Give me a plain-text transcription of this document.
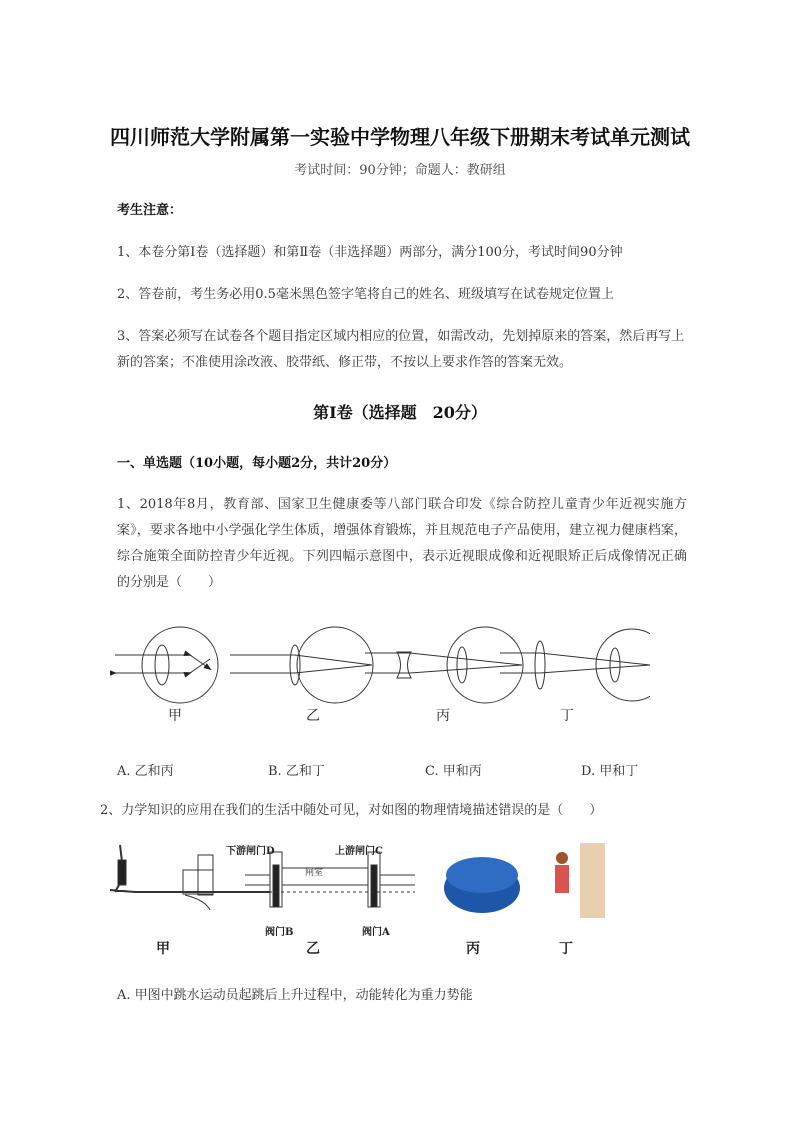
四川师范大学附属第一实验中学物理八年级下册期末考试单元测试
考试时间：90分钟；命题人：教研组
考生注意：
1、本卷分第I卷（选择题）和第Ⅱ卷（非选择题）两部分，满分100分，考试时间90分钟
2、答卷前，考生务必用0.5毫米黑色签字笔将自己的姓名、班级填写在试卷规定位置上
3、答案必须写在试卷各个题目指定区域内相应的位置，如需改动，先划掉原来的答案，然后再写上新的答案；不准使用涂改液、胶带纸、修正带，不按以上要求作答的答案无效。
第I卷（选择题　20分）
一、单选题（10小题，每小题2分，共计20分）
1、2018年8月，教育部、国家卫生健康委等八部门联合印发《综合防控儿童青少年近视实施方案》，要求各地中小学强化学生体质，增强体育锻炼，并且规范电子产品使用，建立视力健康档案，综合施策全面防控青少年近视。下列四幅示意图中，表示近视眼成像和近视眼矫正后成像情况正确的分别是（　　）
甲	乙	丙	丁
A. 乙和丙	B. 乙和丁	C. 甲和丙	D. 甲和丁
2、力学知识的应用在我们的生活中随处可见，对如图的物理情境描述错误的是（　　）
闸室
下游闸门D	上游闸门C
阀门B	阀门A
甲	乙	丙	丁
A. 甲图中跳水运动员起跳后上升过程中，动能转化为重力势能
